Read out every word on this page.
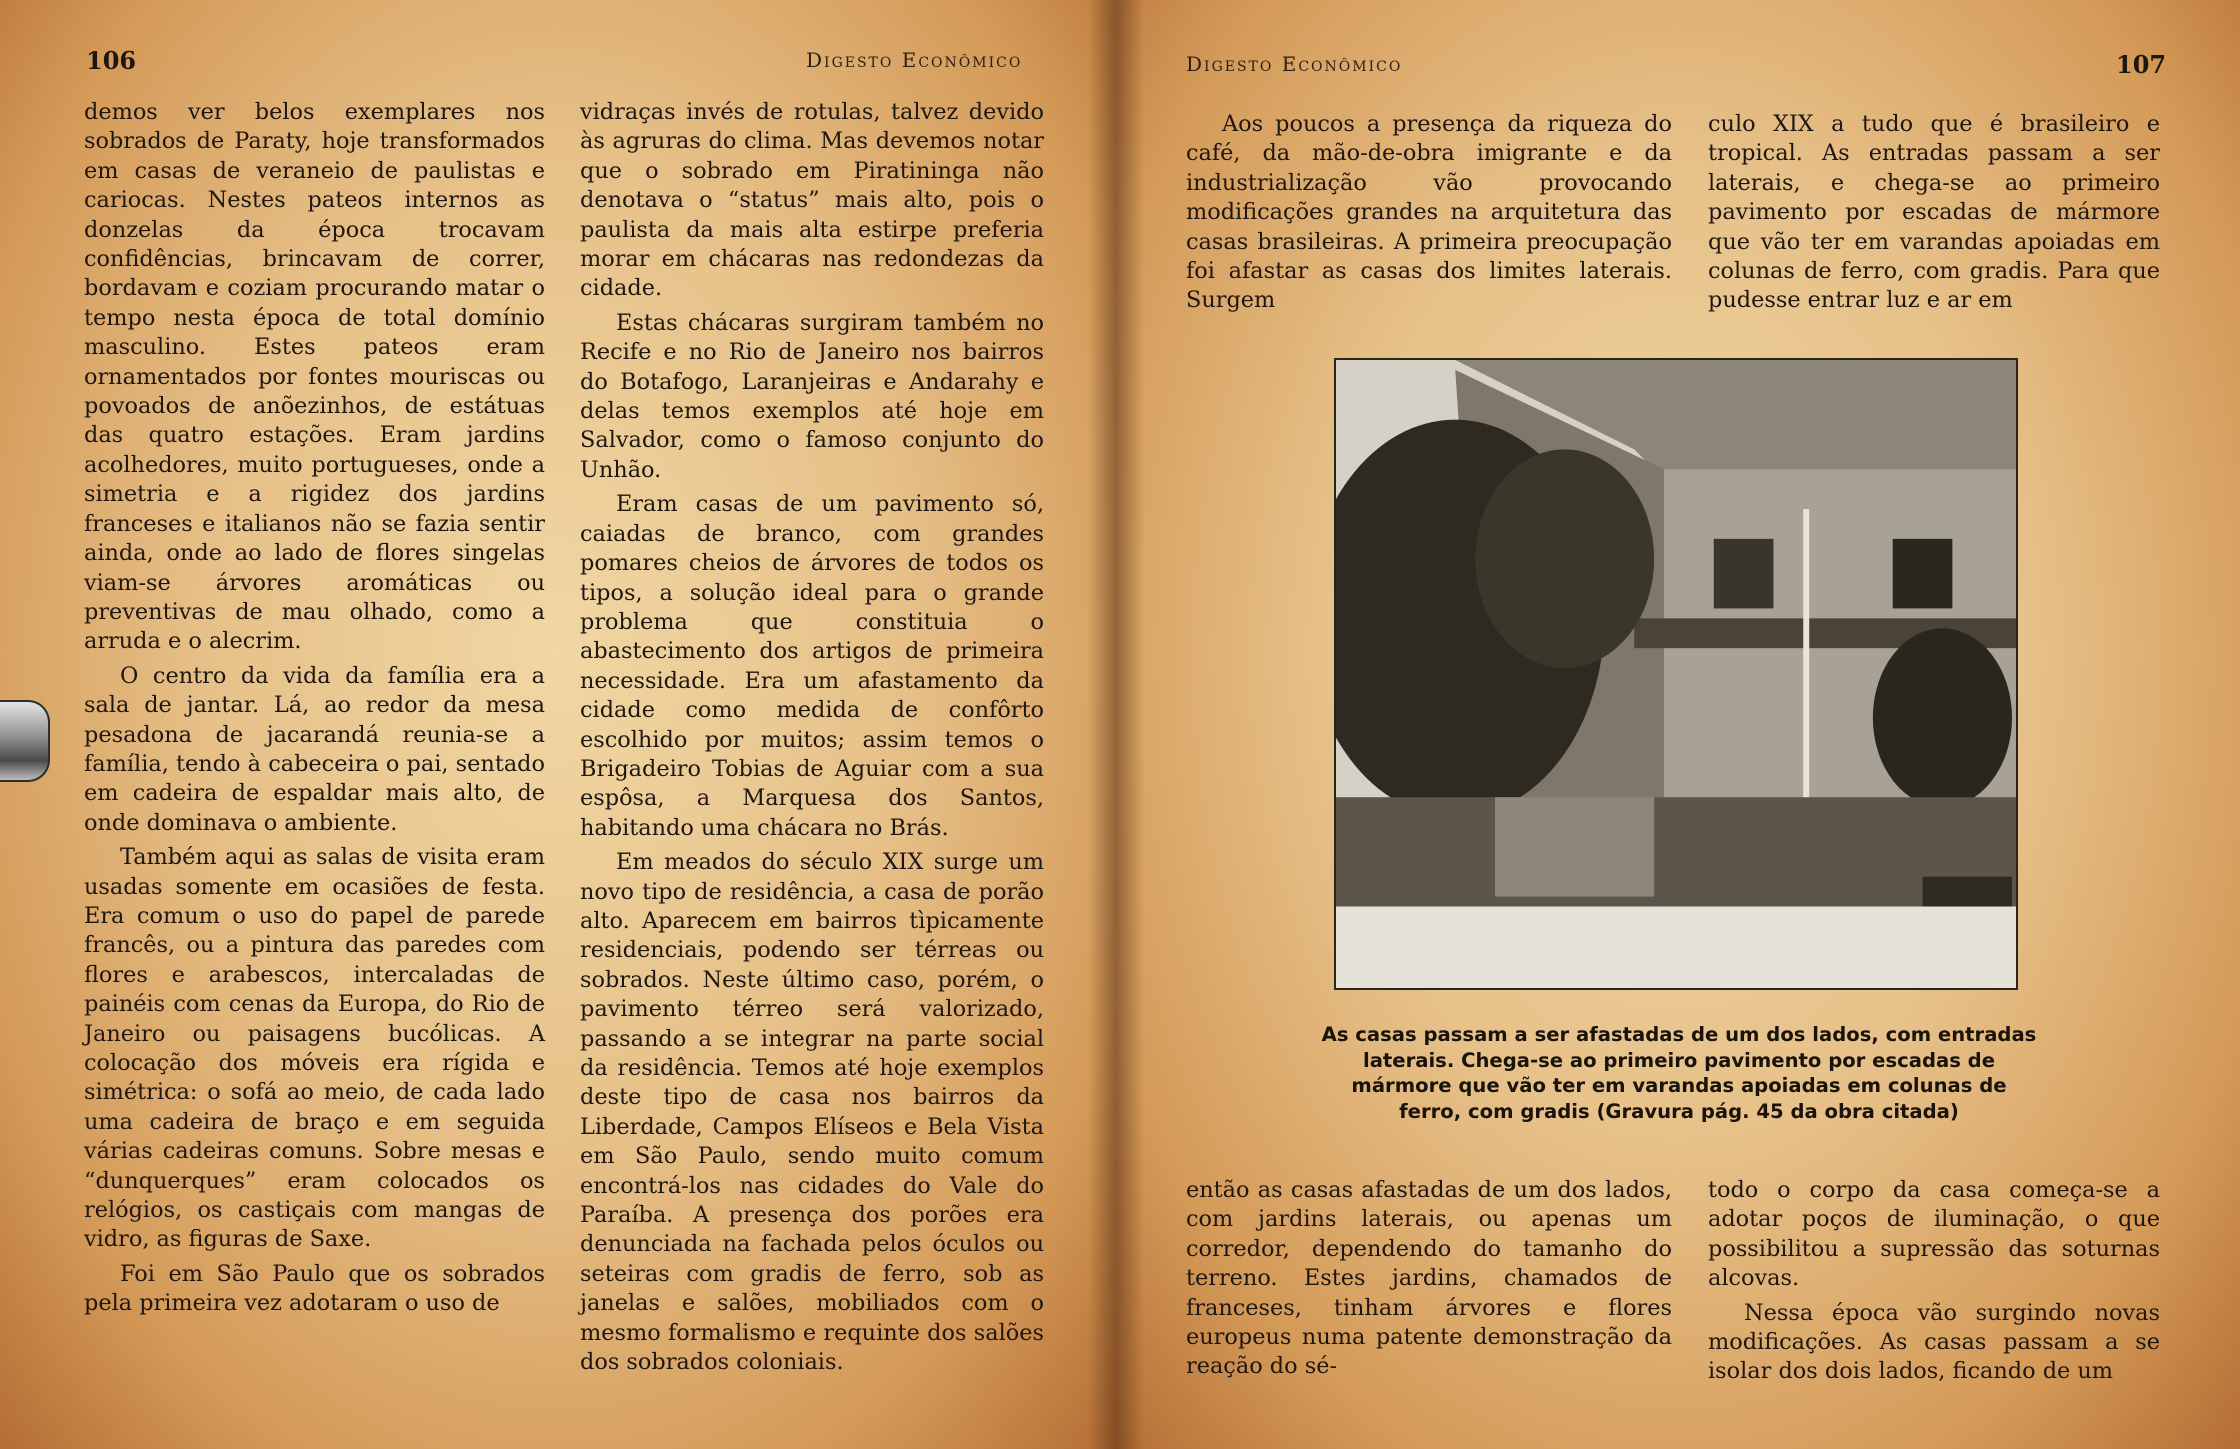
106	Digesto Econômico

demos ver belos exemplares nos sobrados de Paraty, hoje transformados em casas de veraneio de paulistas e cariocas. Nestes pateos internos as donzelas da época trocavam confidências, brincavam de correr, bordavam e coziam procurando matar o tempo nesta época de total domínio masculino. Estes pateos eram ornamentados por fontes mouriscas ou povoados de anõezinhos, de estátuas das quatro estações. Eram jardins acolhedores, muito portugueses, onde a simetria e a rigidez dos jardins franceses e italianos não se fazia sentir ainda, onde ao lado de flores singelas viam-se árvores aromáticas ou preventivas de mau olhado, como a arruda e o alecrim.

O centro da vida da família era a sala de jantar. Lá, ao redor da mesa pesadona de jacarandá reunia-se a família, tendo à cabeceira o pai, sentado em cadeira de espaldar mais alto, de onde dominava o ambiente.

Também aqui as salas de visita eram usadas somente em ocasiões de festa. Era comum o uso do papel de parede francês, ou a pintura das paredes com flores e arabescos, intercaladas de painéis com cenas da Europa, do Rio de Janeiro ou paisagens bucólicas. A colocação dos móveis era rígida e simétrica: o sofá ao meio, de cada lado uma cadeira de braço e em seguida várias cadeiras comuns. Sobre mesas e “dunquerques” eram colocados os relógios, os castiçais com mangas de vidro, as figuras de Saxe.

Foi em São Paulo que os sobrados pela primeira vez adotaram o uso de

vidraças invés de rotulas, talvez devido às agruras do clima. Mas devemos notar que o sobrado em Piratininga não denotava o “status” mais alto, pois o paulista da mais alta estirpe preferia morar em chácaras nas redondezas da cidade.

Estas chácaras surgiram também no Recife e no Rio de Janeiro nos bairros do Botafogo, Laranjeiras e Andarahy e delas temos exemplos até hoje em Salvador, como o famoso conjunto do Unhão.

Eram casas de um pavimento só, caiadas de branco, com grandes pomares cheios de árvores de todos os tipos, a solução ideal para o grande problema que constituia o abastecimento dos artigos de primeira necessidade. Era um afastamento da cidade como medida de confôrto escolhido por muitos; assim temos o Brigadeiro Tobias de Aguiar com a sua espôsa, a Marquesa dos Santos, habitando uma chácara no Brás.

Em meados do século XIX surge um novo tipo de residência, a casa de porão alto. Aparecem em bairros tìpicamente residenciais, podendo ser térreas ou sobrados. Neste último caso, porém, o pavimento térreo será valorizado, passando a se integrar na parte social da residência. Temos até hoje exemplos deste tipo de casa nos bairros da Liberdade, Campos Elíseos e Bela Vista em São Paulo, sendo muito comum encontrá-los nas cidades do Vale do Paraíba. A presença dos porões era denunciada na fachada pelos óculos ou seteiras com gradis de ferro, sob as janelas e salões, mobiliados com o mesmo formalismo e requinte dos salões dos sobrados coloniais.

Digesto Econômico	107

Aos poucos a presença da riqueza do café, da mão-de-obra imigrante e da industrialização vão provocando modificações grandes na arquitetura das casas brasileiras. A primeira preocupação foi afastar as casas dos limites laterais. Surgem

culo XIX a tudo que é brasileiro e tropical. As entradas passam a ser laterais, e chega-se ao primeiro pavimento por escadas de mármore que vão ter em varandas apoiadas em colunas de ferro, com gradis. Para que pudesse entrar luz e ar em

As casas passam a ser afastadas de um dos lados, com entradas laterais. Chega-se ao primeiro pavimento por escadas de mármore que vão ter em varandas apoiadas em colunas de ferro, com gradis (Gravura pág. 45 da obra citada)

então as casas afastadas de um dos lados, com jardins laterais, ou apenas um corredor, dependendo do tamanho do terreno. Estes jardins, chamados de franceses, tinham árvores e flores europeus numa patente demonstração da reação do sé-

todo o corpo da casa começa-se a adotar poços de iluminação, o que possibilitou a supressão das soturnas alcovas.

Nessa época vão surgindo novas modificações. As casas passam a se isolar dos dois lados, ficando de um
